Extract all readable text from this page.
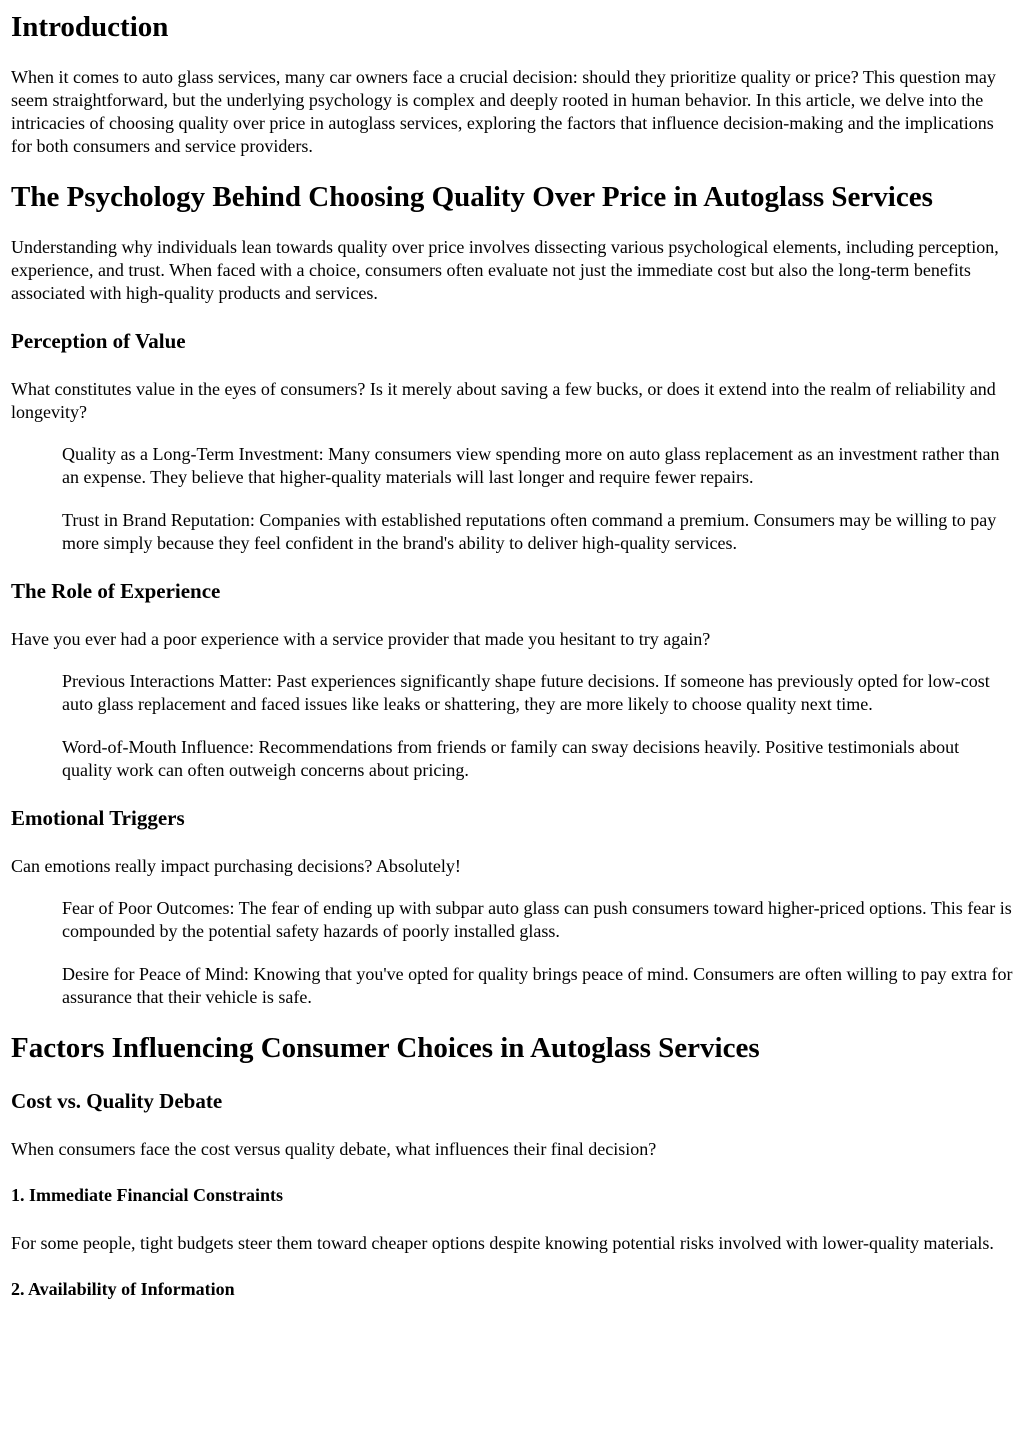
Introduction

When it comes to auto glass services, many car owners face a crucial decision: should they prioritize quality or price? This question may seem straightforward, but the underlying psychology is complex and deeply rooted in human behavior. In this article, we delve into the intricacies of choosing quality over price in autoglass services, exploring the factors that influence decision-making and the implications for both consumers and service providers.

The Psychology Behind Choosing Quality Over Price in Autoglass Services

Understanding why individuals lean towards quality over price involves dissecting various psychological elements, including perception, experience, and trust. When faced with a choice, consumers often evaluate not just the immediate cost but also the long-term benefits associated with high-quality products and services.

Perception of Value

What constitutes value in the eyes of consumers? Is it merely about saving a few bucks, or does it extend into the realm of reliability and longevity?

Quality as a Long-Term Investment: Many consumers view spending more on auto glass replacement as an investment rather than an expense. They believe that higher-quality materials will last longer and require fewer repairs.
Trust in Brand Reputation: Companies with established reputations often command a premium. Consumers may be willing to pay more simply because they feel confident in the brand's ability to deliver high-quality services.
The Role of Experience

Have you ever had a poor experience with a service provider that made you hesitant to try again?

Previous Interactions Matter: Past experiences significantly shape future decisions. If someone has previously opted for low-cost auto glass replacement and faced issues like leaks or shattering, they are more likely to choose quality next time.
Word-of-Mouth Influence: Recommendations from friends or family can sway decisions heavily. Positive testimonials about quality work can often outweigh concerns about pricing.
Emotional Triggers

Can emotions really impact purchasing decisions? Absolutely!

Fear of Poor Outcomes: The fear of ending up with subpar auto glass can push consumers toward higher-priced options. This fear is compounded by the potential safety hazards of poorly installed glass.
Desire for Peace of Mind: Knowing that you've opted for quality brings peace of mind. Consumers are often willing to pay extra for assurance that their vehicle is safe.
Factors Influencing Consumer Choices in Autoglass Services
Cost vs. Quality Debate

When consumers face the cost versus quality debate, what influences their final decision?

1. Immediate Financial Constraints

For some people, tight budgets steer them toward cheaper options despite knowing potential risks involved with lower-quality materials.

2. Availability of Information
